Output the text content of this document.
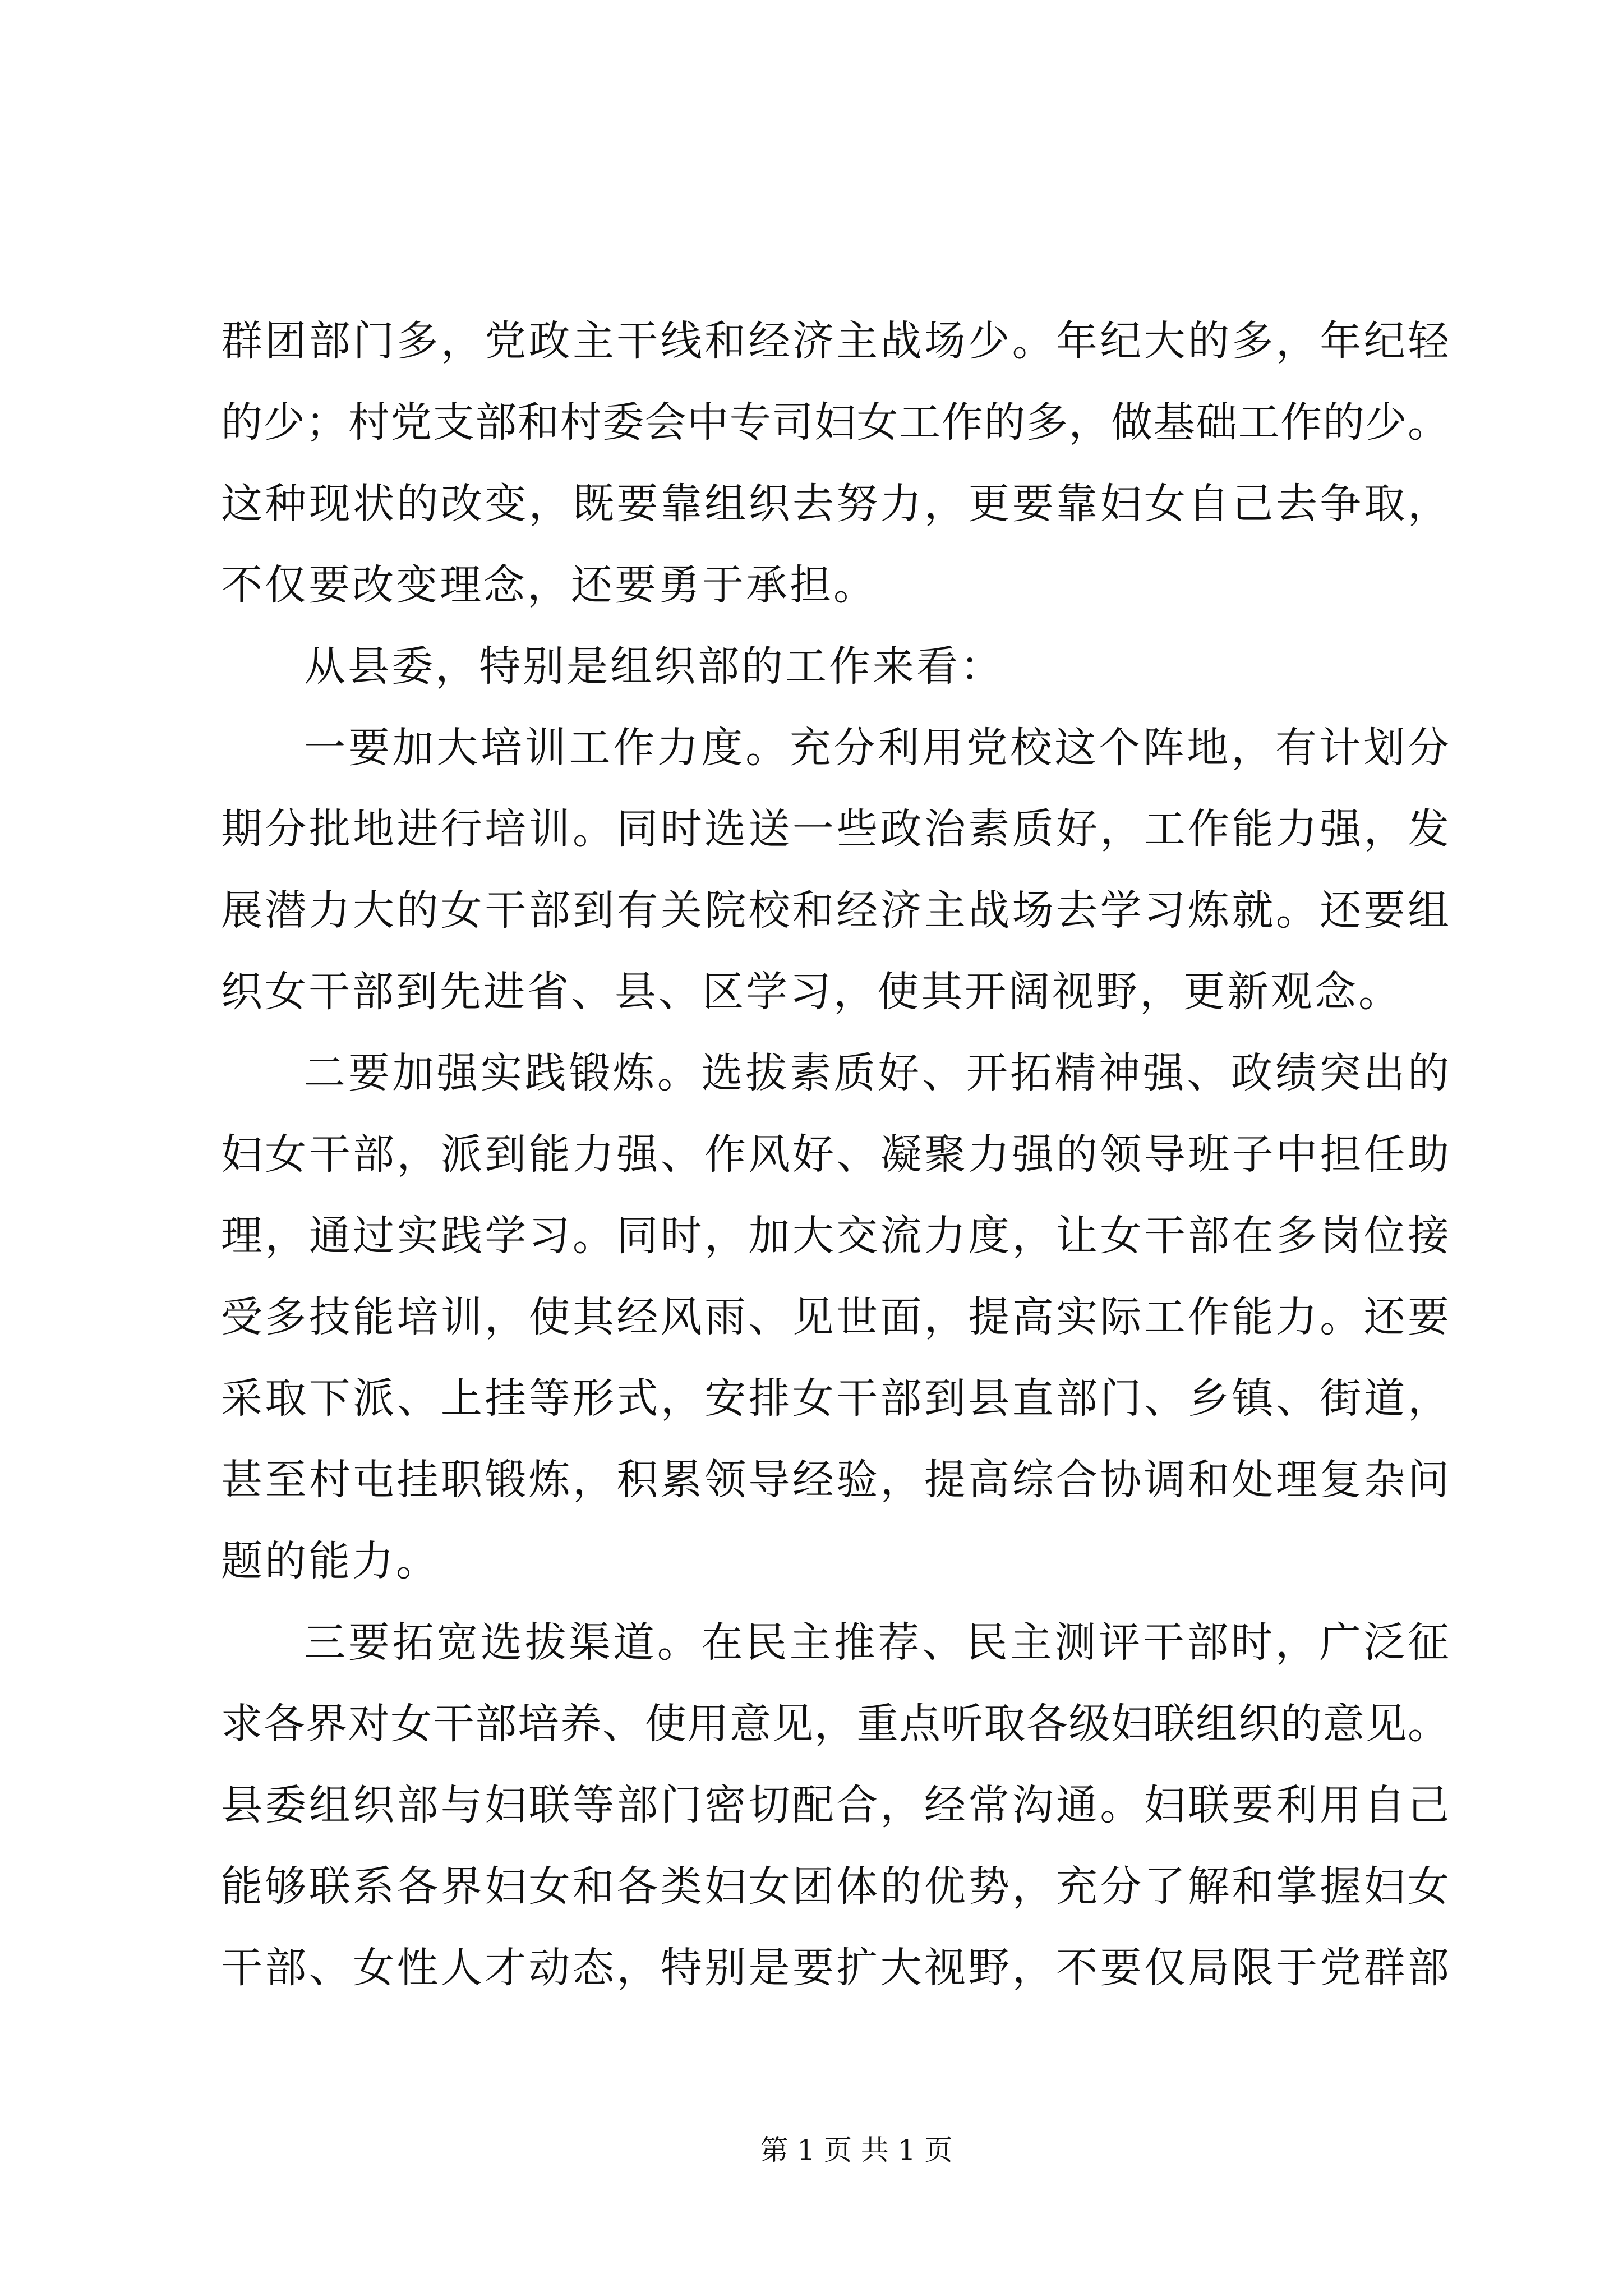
群团部门多，党政主干线和经济主战场少。年纪大的多，年纪轻
的少；村党支部和村委会中专司妇女工作的多，做基础工作的少。
这种现状的改变，既要靠组织去努力，更要靠妇女自己去争取，
不仅要改变理念，还要勇于承担。
从县委，特别是组织部的工作来看：
一要加大培训工作力度。充分利用党校这个阵地，有计划分
期分批地进行培训。同时选送一些政治素质好，工作能力强，发
展潜力大的女干部到有关院校和经济主战场去学习炼就。还要组
织女干部到先进省、县、区学习，使其开阔视野，更新观念。
二要加强实践锻炼。选拔素质好、开拓精神强、政绩突出的
妇女干部，派到能力强、作风好、凝聚力强的领导班子中担任助
理，通过实践学习。同时，加大交流力度，让女干部在多岗位接
受多技能培训，使其经风雨、见世面，提高实际工作能力。还要
采取下派、上挂等形式，安排女干部到县直部门、乡镇、街道，
甚至村屯挂职锻炼，积累领导经验，提高综合协调和处理复杂问
题的能力。
三要拓宽选拔渠道。在民主推荐、民主测评干部时，广泛征
求各界对女干部培养、使用意见，重点听取各级妇联组织的意见。
县委组织部与妇联等部门密切配合，经常沟通。妇联要利用自己
能够联系各界妇女和各类妇女团体的优势，充分了解和掌握妇女
干部、女性人才动态，特别是要扩大视野，不要仅局限于党群部
第 1 页 共 1 页
